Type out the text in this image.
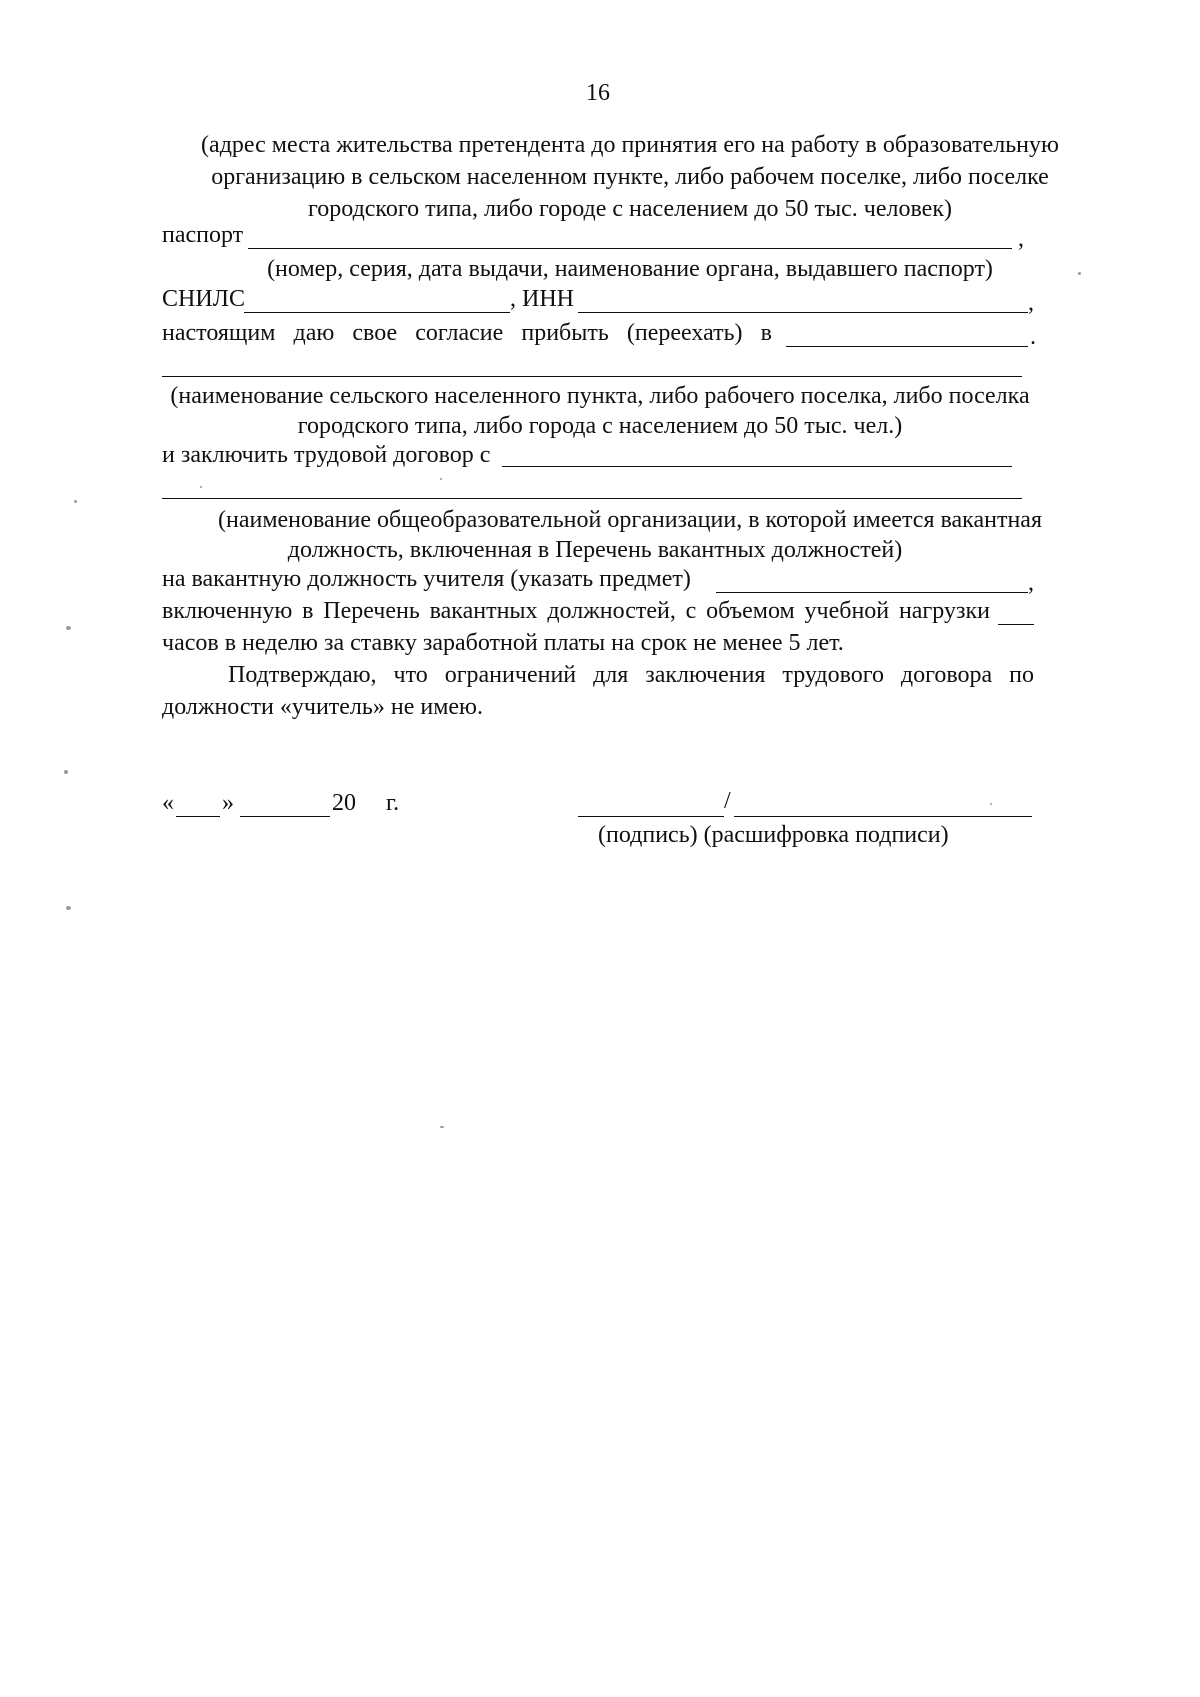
16
(адрес места жительства претендента до принятия его на работу в образовательную
организацию в сельском населенном пункте, либо рабочем поселке, либо поселке
городского типа, либо городе с населением до 50 тыс. человек)
паспорт	,
(номер, серия, дата выдачи, наименование органа, выдавшего паспорт)
СНИЛС	, ИНН	,
настоящим даю свое согласие прибыть (переехать) в	.
(наименование сельского населенного пункта, либо рабочего поселка, либо поселка
городского типа, либо города с населением до 50 тыс. чел.)
и заключить трудовой договор с
(наименование общеобразовательной организации, в которой имеется вакантная
должность, включенная в Перечень вакантных должностей)
на вакантную должность учителя (указать предмет)	,
включенную в Перечень вакантных должностей, с объемом учебной нагрузки
часов в неделю за ставку заработной платы на срок не менее 5 лет.
Подтверждаю, что ограничений для заключения трудового договора по
должности «учитель» не имею.
« »	20 г.	/
(подпись) (расшифровка подписи)
